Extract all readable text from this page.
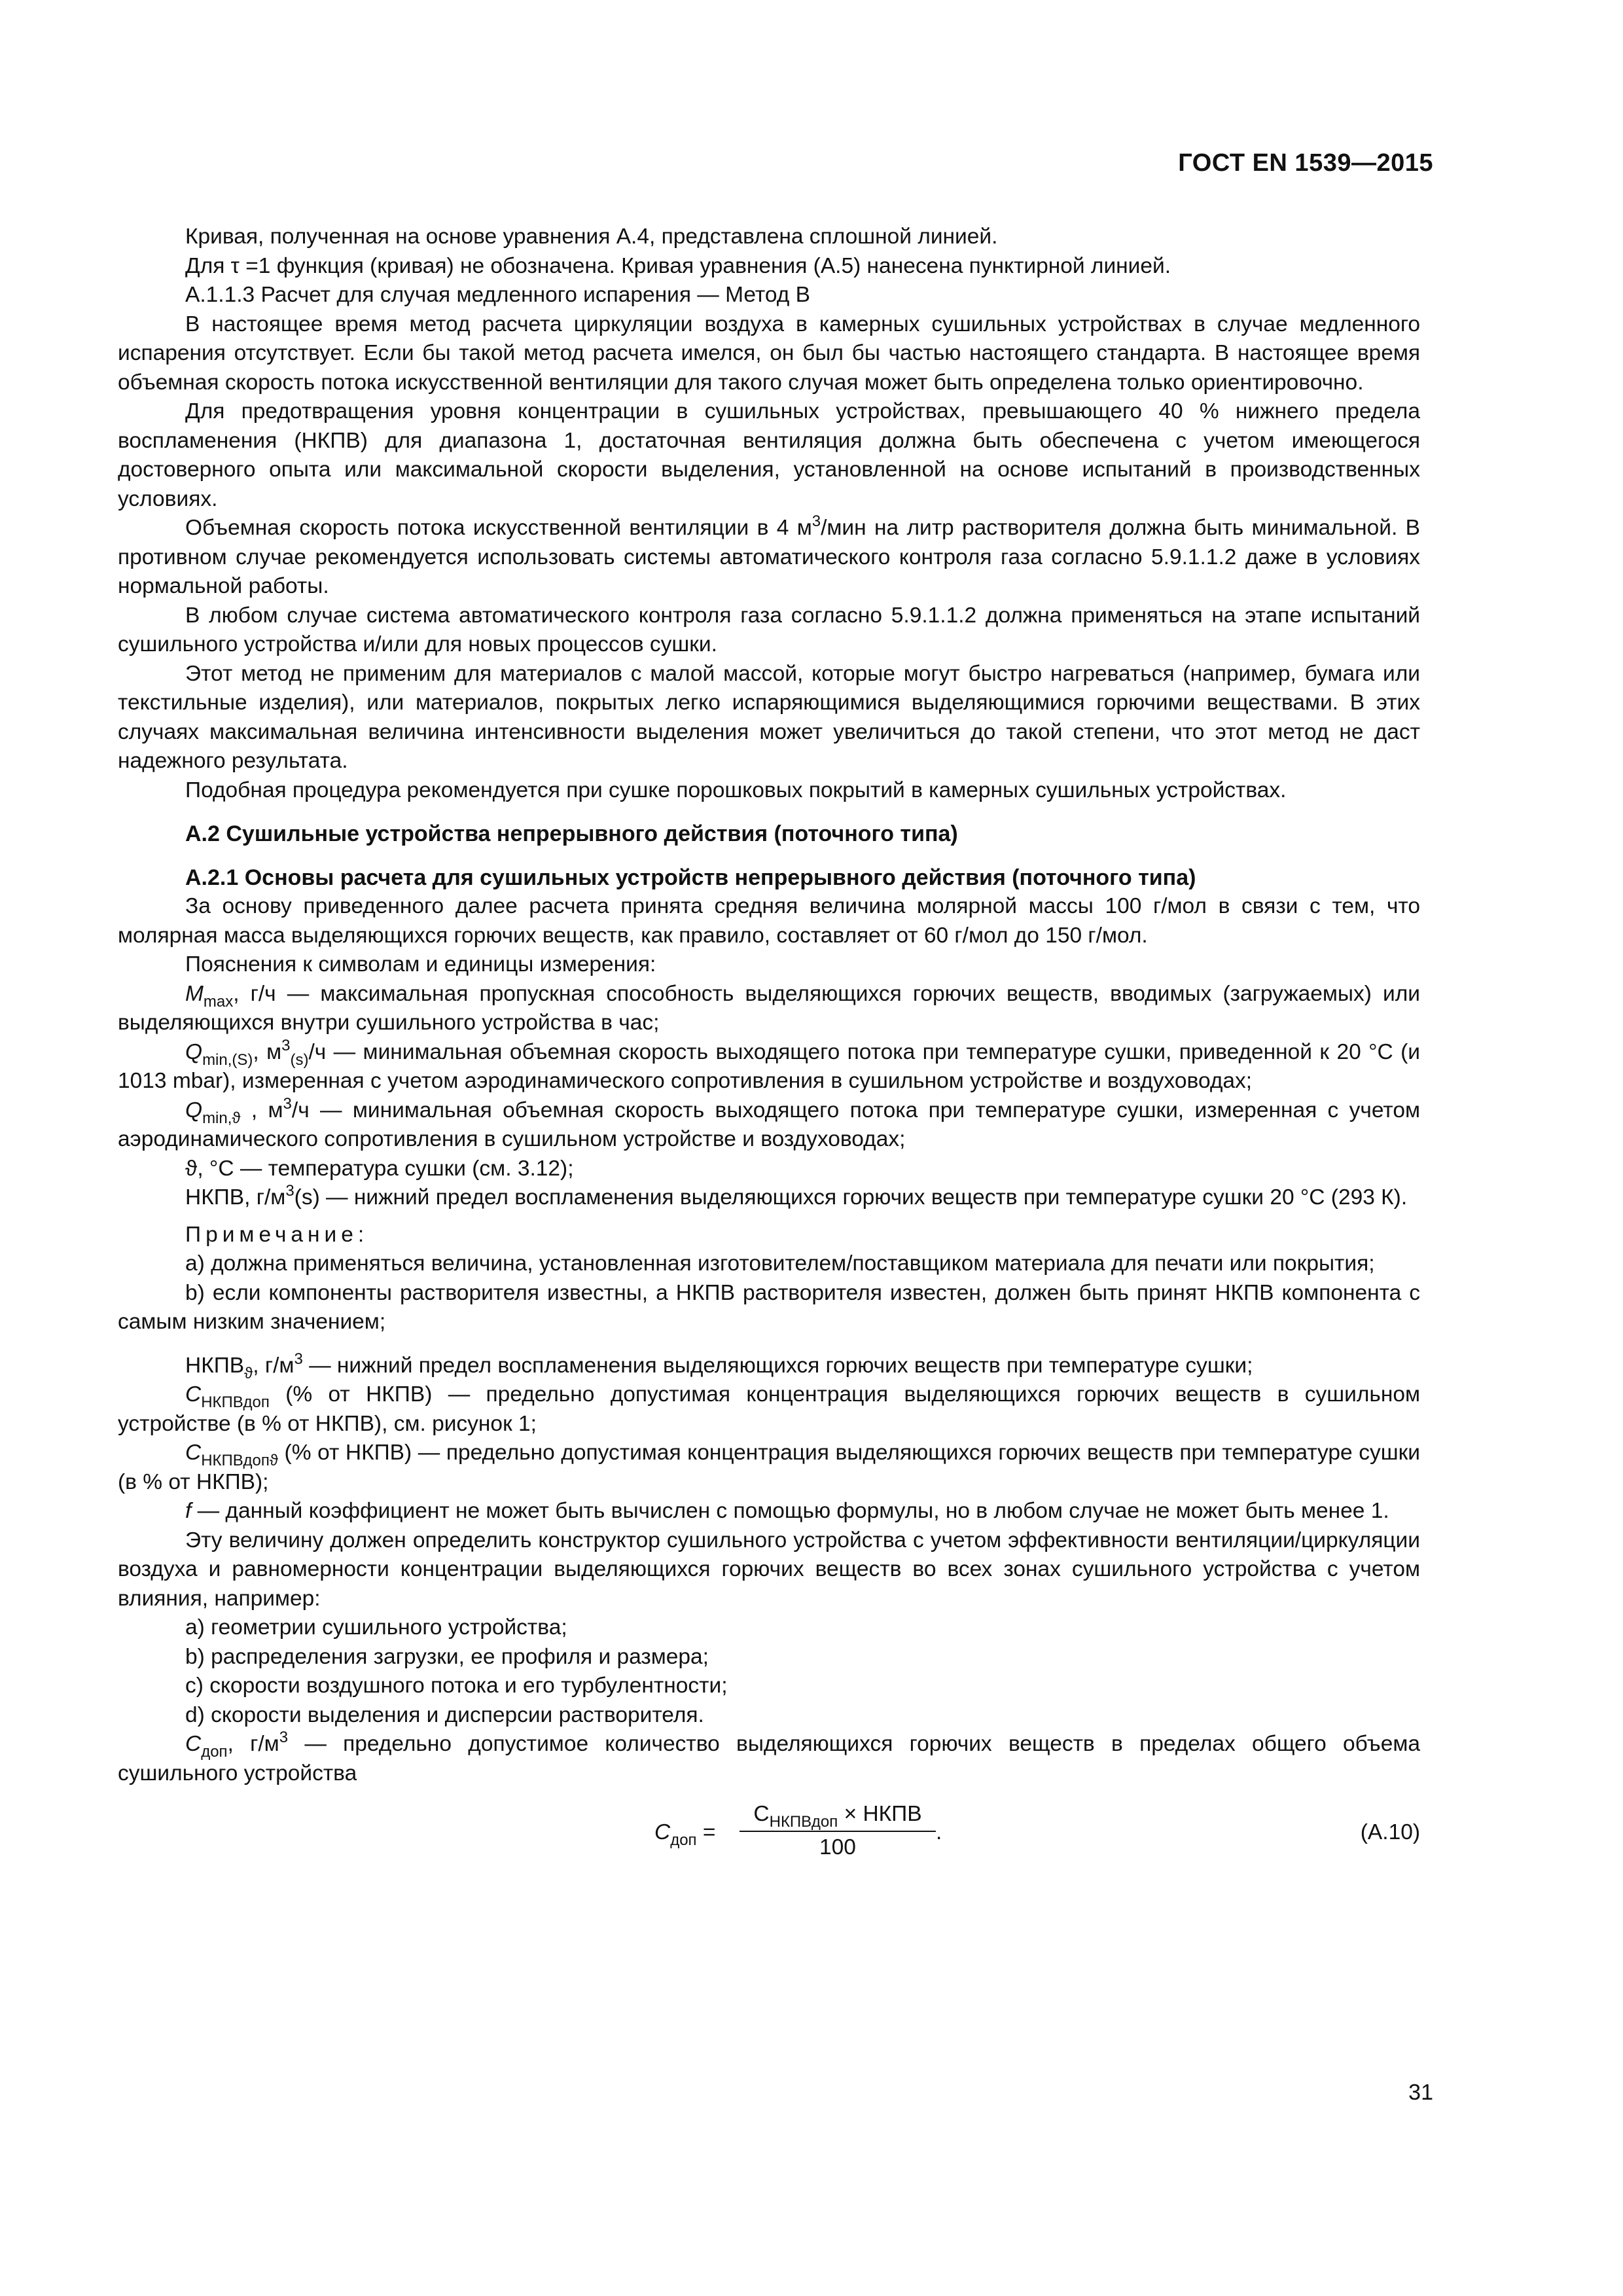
ГОСТ EN 1539—2015

Кривая, полученная на основе уравнения А.4, представлена сплошной линией.

Для τ =1 функция (кривая) не обозначена. Кривая уравнения (А.5) нанесена пунктирной линией.

А.1.1.3 Расчет для случая медленного испарения — Метод В

В настоящее время метод расчета циркуляции воздуха в камерных сушильных устройствах в случае медленного испарения отсутствует. Если бы такой метод расчета имелся, он был бы частью настоящего стандарта. В настоящее время объемная скорость потока искусственной вентиляции для такого случая может быть определена только ориентировочно.

Для предотвращения уровня концентрации в сушильных устройствах, превышающего 40 % нижнего предела воспламенения (НКПВ) для диапазона 1, достаточная вентиляция должна быть обеспечена с учетом имеющегося достоверного опыта или максимальной скорости выделения, установленной на основе испытаний в производственных условиях.

Объемная скорость потока искусственной вентиляции в 4 $м^3$/мин на литр растворителя должна быть минимальной. В противном случае рекомендуется использовать системы автоматического контроля газа согласно 5.9.1.1.2 даже в условиях нормальной работы.

В любом случае система автоматического контроля газа согласно 5.9.1.1.2 должна применяться на этапе испытаний сушильного устройства и/или для новых процессов сушки.

Этот метод не применим для материалов с малой массой, которые могут быстро нагреваться (например, бумага или текстильные изделия), или материалов, покрытых легко испаряющимися выделяющимися горючими веществами. В этих случаях максимальная величина интенсивности выделения может увеличиться до такой степени, что этот метод не даст надежного результата.

Подобная процедура рекомендуется при сушке порошковых покрытий в камерных сушильных устройствах.

А.2 Сушильные устройства непрерывного действия (поточного типа)
А.2.1 Основы расчета для сушильных устройств непрерывного действия (поточного типа)

За основу приведенного далее расчета принята средняя величина молярной массы 100 г/мол в связи с тем, что молярная масса выделяющихся горючих веществ, как правило, составляет от 60 г/мол до 150 г/мол.

Пояснения к символам и единицы измерения:

$M_{max}$, г/ч — максимальная пропускная способность выделяющихся горючих веществ, вводимых (загружаемых) или выделяющихся внутри сушильного устройства в час;

$Q_{min,(S)}$, $м^3_{(s)}/ч$ — минимальная объемная скорость выходящего потока при температуре сушки, приведенной к 20 °С (и 1013 mbar), измеренная с учетом аэродинамического сопротивления в сушильном устройстве и воздуховодах;

$Q_{min,ϑ}$ , $м^3/ч$ — минимальная объемная скорость выходящего потока при температуре сушки, измеренная с учетом аэродинамического сопротивления в сушильном устройстве и воздуховодах;

ϑ, °С — температура сушки (см. 3.12);

НКПВ, $г/м^3(s)$ — нижний предел воспламенения выделяющихся горючих веществ при температуре сушки 20 °С (293 К).

Примечание:

а) должна применяться величина, установленная изготовителем/поставщиком материала для печати или покрытия;

b) если компоненты растворителя известны, а НКПВ растворителя известен, должен быть принят НКПВ компонента с самым низким значением;

$НКПВ_ϑ$, $г/м^3$ — нижний предел воспламенения выделяющихся горючих веществ при температуре сушки;

$С_{НКПВдоп}$ (% от НКПВ) — предельно допустимая концентрация выделяющихся горючих веществ в сушильном устройстве (в % от НКПВ), см. рисунок 1;

$С_{НКПВдопϑ}$ (% от НКПВ) — предельно допустимая концентрация выделяющихся горючих веществ при температуре сушки (в % от НКПВ);

f — данный коэффициент не может быть вычислен с помощью формулы, но в любом случае не может быть менее 1.

Эту величину должен определить конструктор сушильного устройства с учетом эффективности вентиляции/циркуляции воздуха и равномерности концентрации выделяющихся горючих веществ во всех зонах сушильного устройства с учетом влияния, например:

а) геометрии сушильного устройства;

b) распределения загрузки, ее профиля и размера;

с) скорости воздушного потока и его турбулентности;

d) скорости выделения и дисперсии растворителя.

$С_{доп}$, $г/м^3$ — предельно допустимое количество выделяющихся горючих веществ в пределах общего объема сушильного устройства

$С_{доп}$ =
$С_{НКПВдоп}$ × НКПВ
100
.	(А.10)
31
